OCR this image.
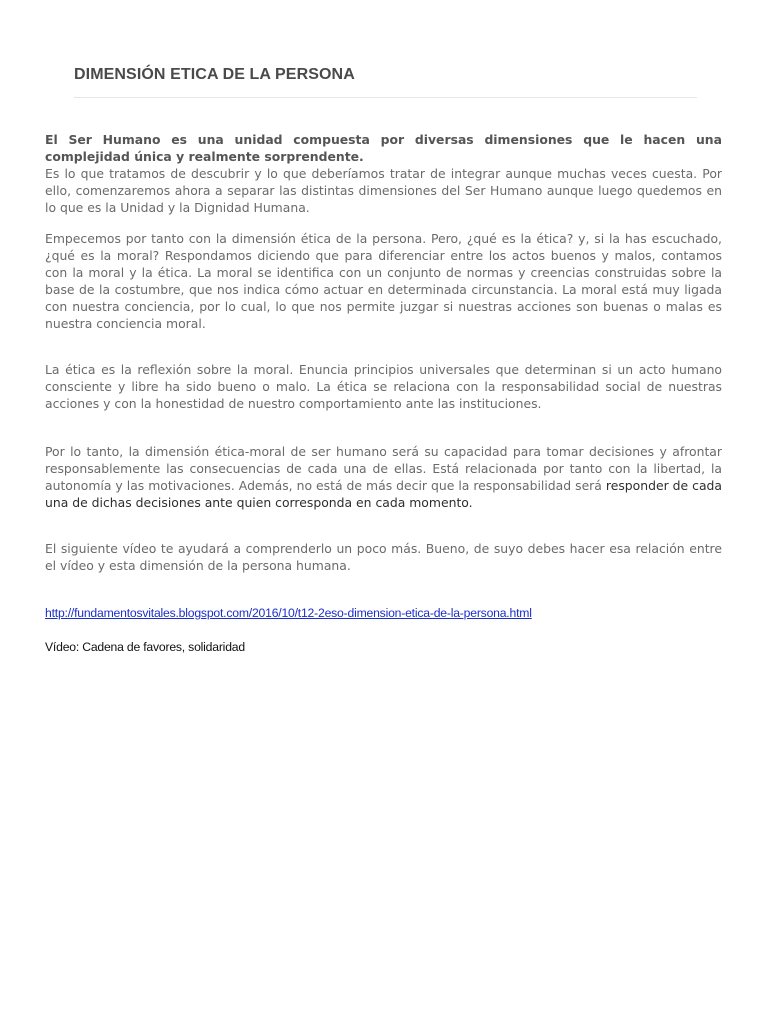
DIMENSIÓN ETICA DE LA PERSONA

El Ser Humano es una unidad compuesta por diversas dimensiones que le hacen una complejidad única y realmente sorprendente.
Es lo que tratamos de descubrir y lo que deberíamos tratar de integrar aunque muchas veces cuesta. Por ello, comenzaremos ahora a separar las distintas dimensiones del Ser Humano aunque luego quedemos en lo que es la Unidad y la Dignidad Humana.

Empecemos por tanto con la dimensión ética de la persona. Pero, ¿qué es la ética? y, si la has escuchado, ¿qué es la moral? Respondamos diciendo que para diferenciar entre los actos buenos y malos, contamos con la moral y la ética. La moral se identifica con un conjunto de normas y creencias construidas sobre la base de la costumbre, que nos indica cómo actuar en determinada circunstancia. La moral está muy ligada con nuestra conciencia, por lo cual, lo que nos permite juzgar si nuestras acciones son buenas o malas es nuestra conciencia moral.

La ética es la reflexión sobre la moral. Enuncia principios universales que determinan si un acto humano consciente y libre ha sido bueno o malo. La ética se relaciona con la responsabilidad social de nuestras acciones y con la honestidad de nuestro comportamiento ante las instituciones.

Por lo tanto, la dimensión ética-moral de ser humano será su capacidad para tomar decisiones y afrontar responsablemente las consecuencias de cada una de ellas. Está relacionada por tanto con la libertad, la autonomía y las motivaciones. Además, no está de más decir que la responsabilidad será responder de cada una de dichas decisiones ante quien corresponda en cada momento.

El siguiente vídeo te ayudará a comprenderlo un poco más. Bueno, de suyo debes hacer esa relación entre el vídeo y esta dimensión de la persona humana.

http://fundamentosvitales.blogspot.com/2016/10/t12-2eso-dimension-etica-de-la-persona.html
Vídeo: Cadena de favores, solidaridad
